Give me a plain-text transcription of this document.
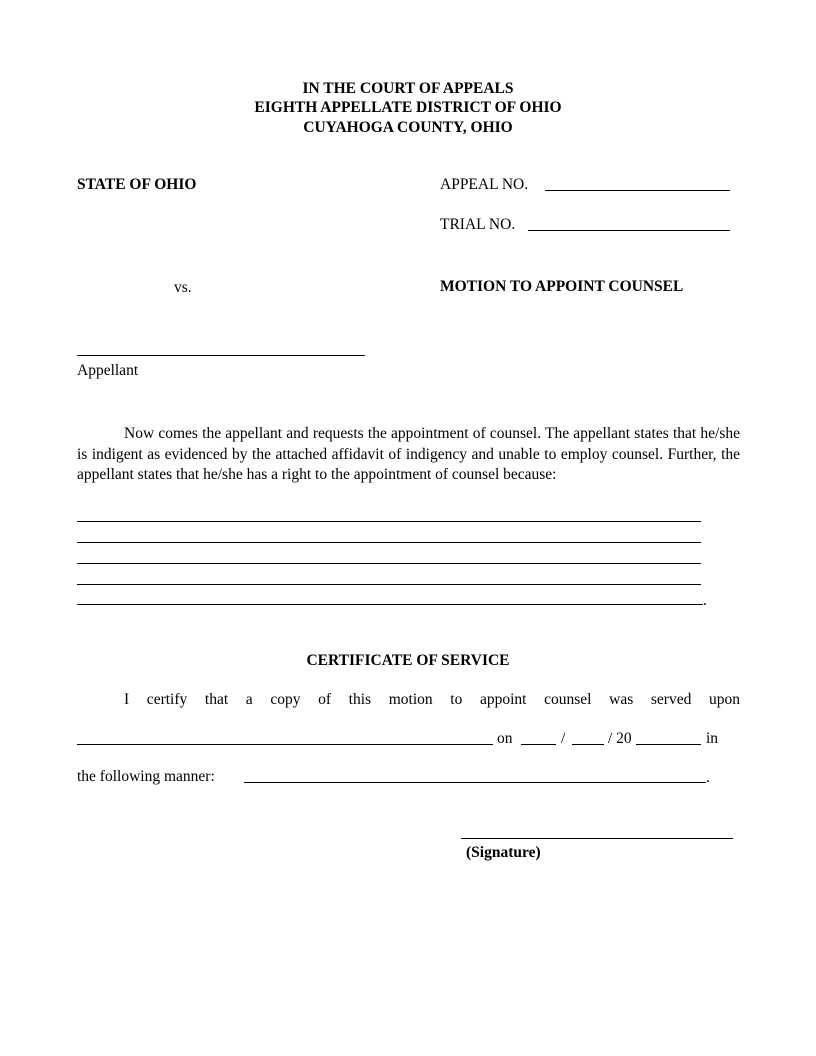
IN THE COURT OF APPEALS
EIGHTH APPELLATE DISTRICT OF OHIO
CUYAHOGA COUNTY, OHIO
STATE OF OHIO	APPEAL NO.
TRIAL NO.
vs.	MOTION TO APPOINT COUNSEL
Appellant
Now comes the appellant and requests the appointment of counsel. The appellant states that he/she is indigent as evidenced by the attached affidavit of indigency and unable to employ counsel. Further, the appellant states that he/she has a right to the appointment of counsel because:
.
CERTIFICATE OF SERVICE
I certify that a copy of this motion to appoint counsel was served upon
on	/	/ 20	in
the following manner:	.
(Signature)
